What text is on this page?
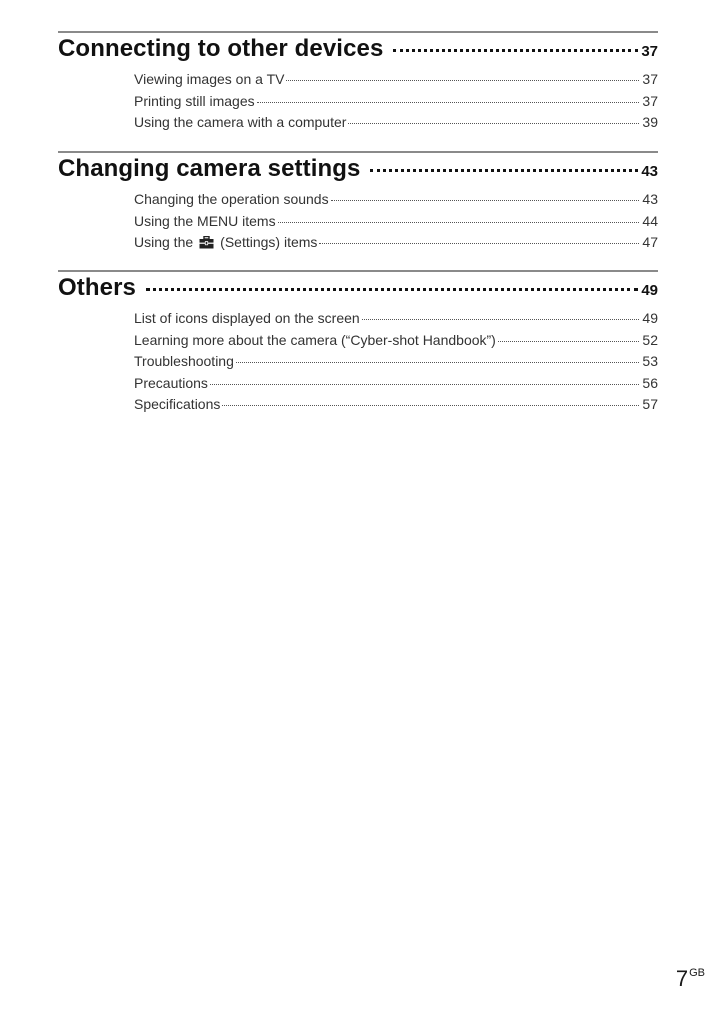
Connecting to other devices	37
Viewing images on a TV	37
Printing still images	37
Using the camera with a computer	39
Changing camera settings	43
Changing the operation sounds	43
Using the MENU items	44
Using the (Settings) items	47
Others	49
List of icons displayed on the screen	49
Learning more about the camera (“Cyber-shot Handbook”)	52
Troubleshooting	53
Precautions	56
Specifications	57
$7^{GB}$
